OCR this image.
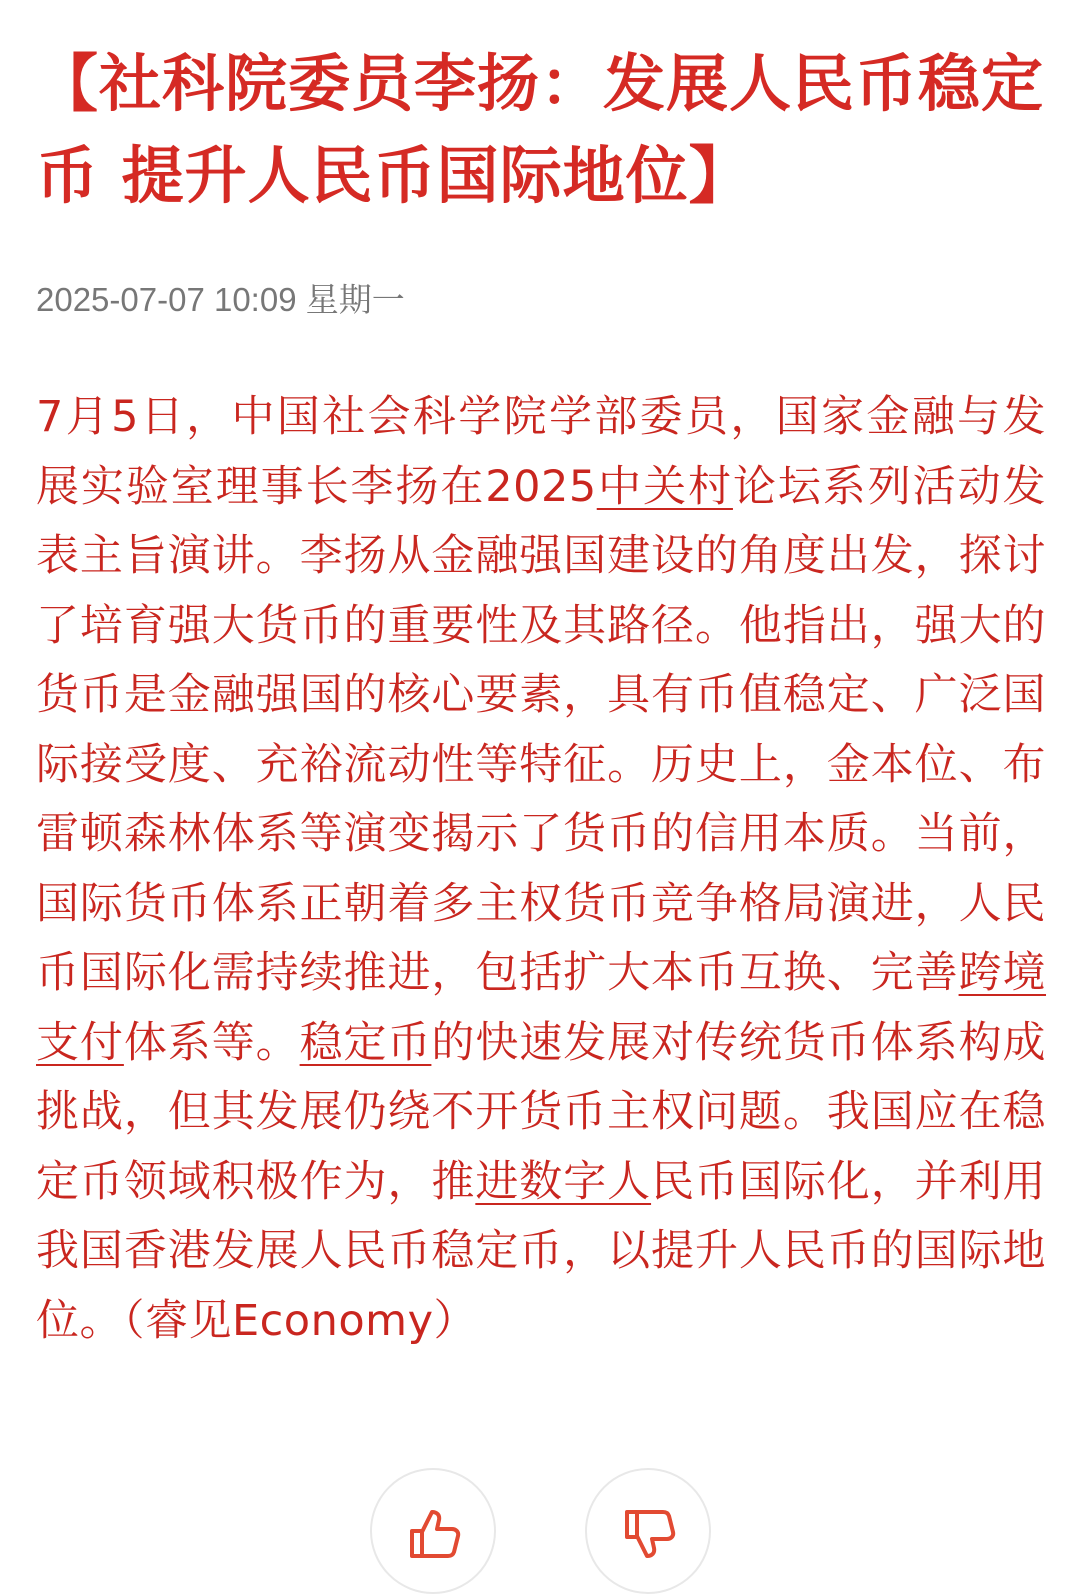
【社科院委员李扬：发展人民币稳定币 提升人民币国际地位】
2025-07-07 10:09 星期一
7月5日，中国社会科学院学部委员，国家金融与发展实验室理事长李扬在2025中关村论坛系列活动发表主旨演讲。李扬从金融强国建设的角度出发，探讨了培育强大货币的重要性及其路径。他指出，强大的货币是金融强国的核心要素，具有币值稳定、广泛国际接受度、充裕流动性等特征。历史上，金本位、布雷顿森林体系等演变揭示了货币的信用本质。当前，国际货币体系正朝着多主权货币竞争格局演进，人民币国际化需持续推进，包括扩大本币互换、完善跨境支付体系等。稳定币的快速发展对传统货币体系构成挑战，但其发展仍绕不开货币主权问题。我国应在稳定币领域积极作为，推进数字人民币国际化，并利用我国香港发展人民币稳定币，以提升人民币的国际地位。（睿见Economy）
